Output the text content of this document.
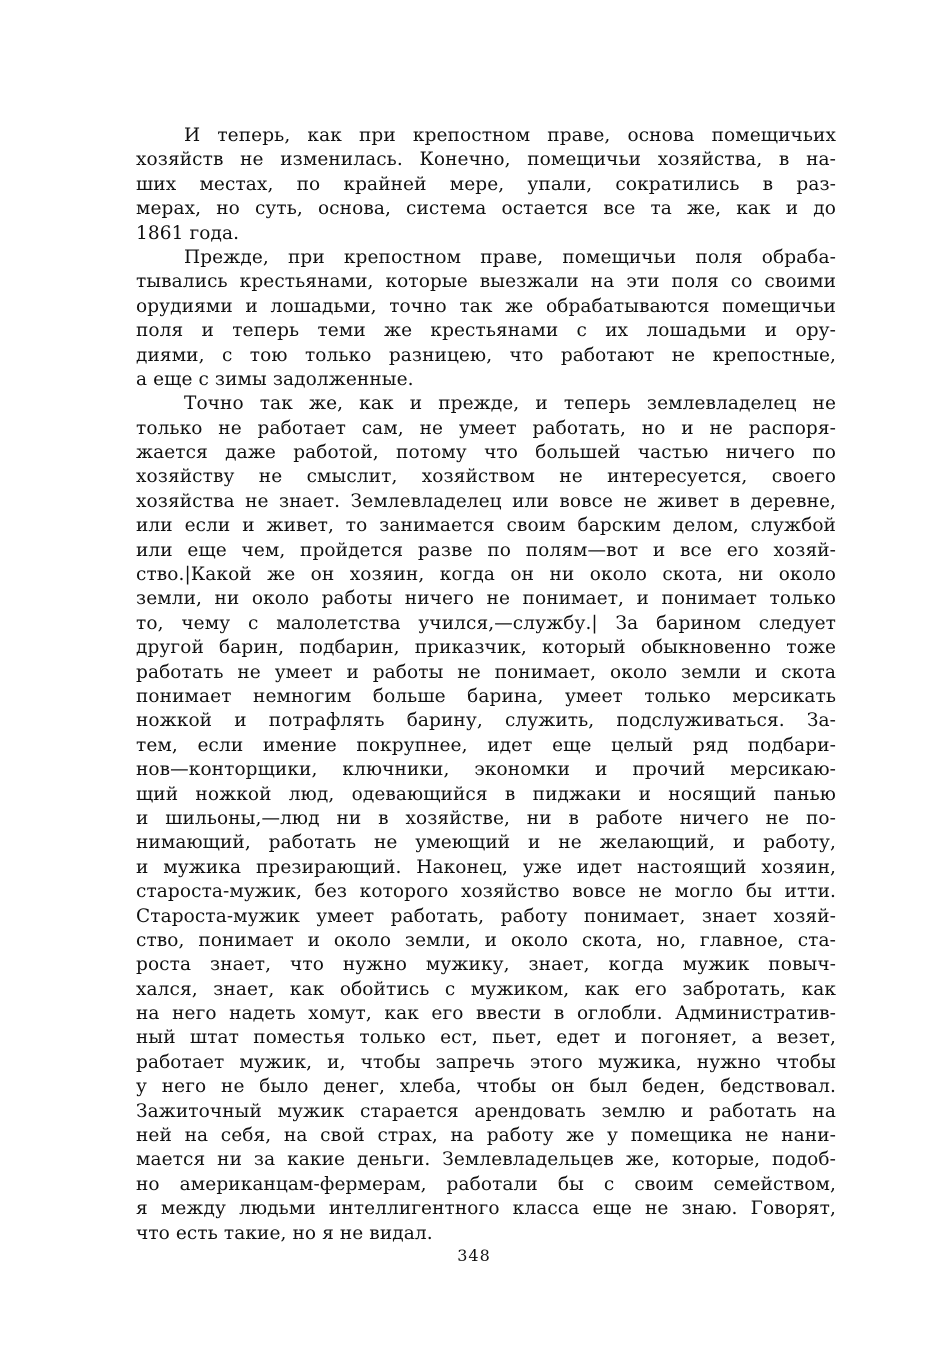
И теперь, как при крепостном праве, основа помещичьих
хозяйств не изменилась. Конечно, помещичьи хозяйства, в на-
ших местах, по крайней мере, упали, сократились в раз-
мерах, но суть, основа, система остается все та же, как и до
1861 года.
Прежде, при крепостном праве, помещичьи поля обраба-
тывались крестьянами, которые выезжали на эти поля со своими
орудиями и лошадьми, точно так же обрабатываются помещичьи
поля и теперь теми же крестьянами с их лошадьми и ору-
диями, с тою только разницею, что работают не крепостные,
а еще с зимы задолженные.
Точно так же, как и прежде, и теперь землевладелец не
только не работает сам, не умеет работать, но и не распоря-
жается даже работой, потому что большей частью ничего по
хозяйству не смыслит, хозяйством не интересуется, своего
хозяйства не знает. Землевладелец или вовсе не живет в деревне,
или если и живет, то занимается своим барским делом, службой
или еще чем, пройдется разве по полям—вот и все его хозяй-
ство.|Какой же он хозяин, когда он ни около скота, ни около
земли, ни около работы ничего не понимает, и понимает только
то, чему с малолетства учился,—службу.| За барином следует
другой барин, подбарин, приказчик, который обыкновенно тоже
работать не умеет и работы не понимает, около земли и скота
понимает немногим больше барина, умеет только мерсикать
ножкой и потрафлять барину, служить, подслуживаться. За-
тем, если имение покрупнее, идет еще целый ряд подбари-
нов—конторщики, ключники, экономки и прочий мерсикаю-
щий ножкой люд, одевающийся в пиджаки и носящий панью
и шильоны,—люд ни в хозяйстве, ни в работе ничего не по-
нимающий, работать не умеющий и не желающий, и работу,
и мужика презирающий. Наконец, уже идет настоящий хозяин,
староста-мужик, без которого хозяйство вовсе не могло бы итти.
Староста-мужик умеет работать, работу понимает, знает хозяй-
ство, понимает и около земли, и около скота, но, главное, ста-
роста знает, что нужно мужику, знает, когда мужик повыч-
хался, знает, как обойтись с мужиком, как его забротать, как
на него надеть хомут, как его ввести в оглобли. Административ-
ный штат поместья только ест, пьет, едет и погоняет, а везет,
работает мужик, и, чтобы запречь этого мужика, нужно чтобы
у него не было денег, хлеба, чтобы он был беден, бедствовал.
Зажиточный мужик старается арендовать землю и работать на
ней на себя, на свой страх, на работу же у помещика не нани-
мается ни за какие деньги. Землевладельцев же, которые, подоб-
но американцам-фермерам, работали бы с своим семейством,
я между людьми интеллигентного класса еще не знаю. Говорят,
что есть такие, но я не видал.
348
